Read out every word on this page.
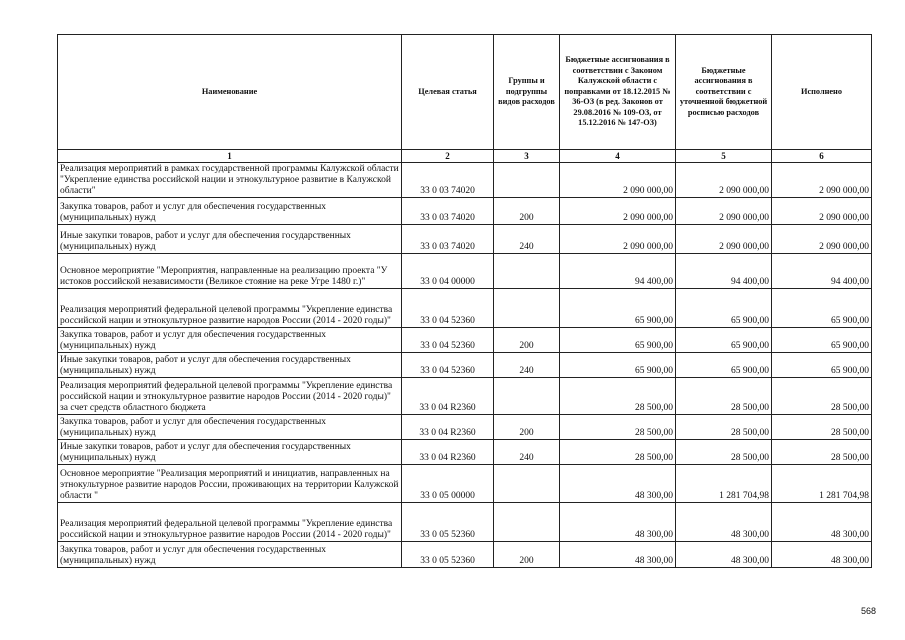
Наименование	Целевая статья	Группы и подгруппы видов расходов	Бюджетные ассигнования в соответствии с Законом Калужской области с поправками от 18.12.2015 № 36-ОЗ (в ред. Законов от 29.08.2016 № 109-ОЗ, от 15.12.2016 № 147-ОЗ)	Бюджетные ассигнования в соответствии с уточненной бюджетной росписью расходов	Исполнено
1	2	3	4	5	6
Реализация мероприятий в рамках государственной программы Калужской области "Укрепление единства российской нации и этнокультурное развитие в Калужской области"	33 0 03 74020		2 090 000,00	2 090 000,00	2 090 000,00
Закупка товаров, работ и услуг для обеспечения государственных (муниципальных) нужд	33 0 03 74020	200	2 090 000,00	2 090 000,00	2 090 000,00
Иные закупки товаров, работ и услуг для обеспечения государственных (муниципальных) нужд	33 0 03 74020	240	2 090 000,00	2 090 000,00	2 090 000,00
Основное мероприятие "Мероприятия, направленные на реализацию проекта "У истоков российской независимости (Великое стояние на реке Угре 1480 г.)"	33 0 04 00000		94 400,00	94 400,00	94 400,00
Реализация мероприятий федеральной целевой программы "Укрепление единства российской нации и этнокультурное развитие народов России (2014 - 2020 годы)"	33 0 04 52360		65 900,00	65 900,00	65 900,00
Закупка товаров, работ и услуг для обеспечения государственных (муниципальных) нужд	33 0 04 52360	200	65 900,00	65 900,00	65 900,00
Иные закупки товаров, работ и услуг для обеспечения государственных (муниципальных) нужд	33 0 04 52360	240	65 900,00	65 900,00	65 900,00
Реализация мероприятий федеральной целевой программы "Укрепление единства российской нации и этнокультурное развитие народов России (2014 - 2020 годы)" за счет средств областного бюджета	33 0 04 R2360		28 500,00	28 500,00	28 500,00
Закупка товаров, работ и услуг для обеспечения государственных (муниципальных) нужд	33 0 04 R2360	200	28 500,00	28 500,00	28 500,00
Иные закупки товаров, работ и услуг для обеспечения государственных (муниципальных) нужд	33 0 04 R2360	240	28 500,00	28 500,00	28 500,00
Основное мероприятие "Реализация мероприятий и инициатив, направленных на этнокультурное развитие народов России, проживающих на территории Калужской области "	33 0 05 00000		48 300,00	1 281 704,98	1 281 704,98
Реализация мероприятий федеральной целевой программы "Укрепление единства российской нации и этнокультурное развитие народов России (2014 - 2020 годы)"	33 0 05 52360		48 300,00	48 300,00	48 300,00
Закупка товаров, работ и услуг для обеспечения государственных (муниципальных) нужд	33 0 05 52360	200	48 300,00	48 300,00	48 300,00
568
